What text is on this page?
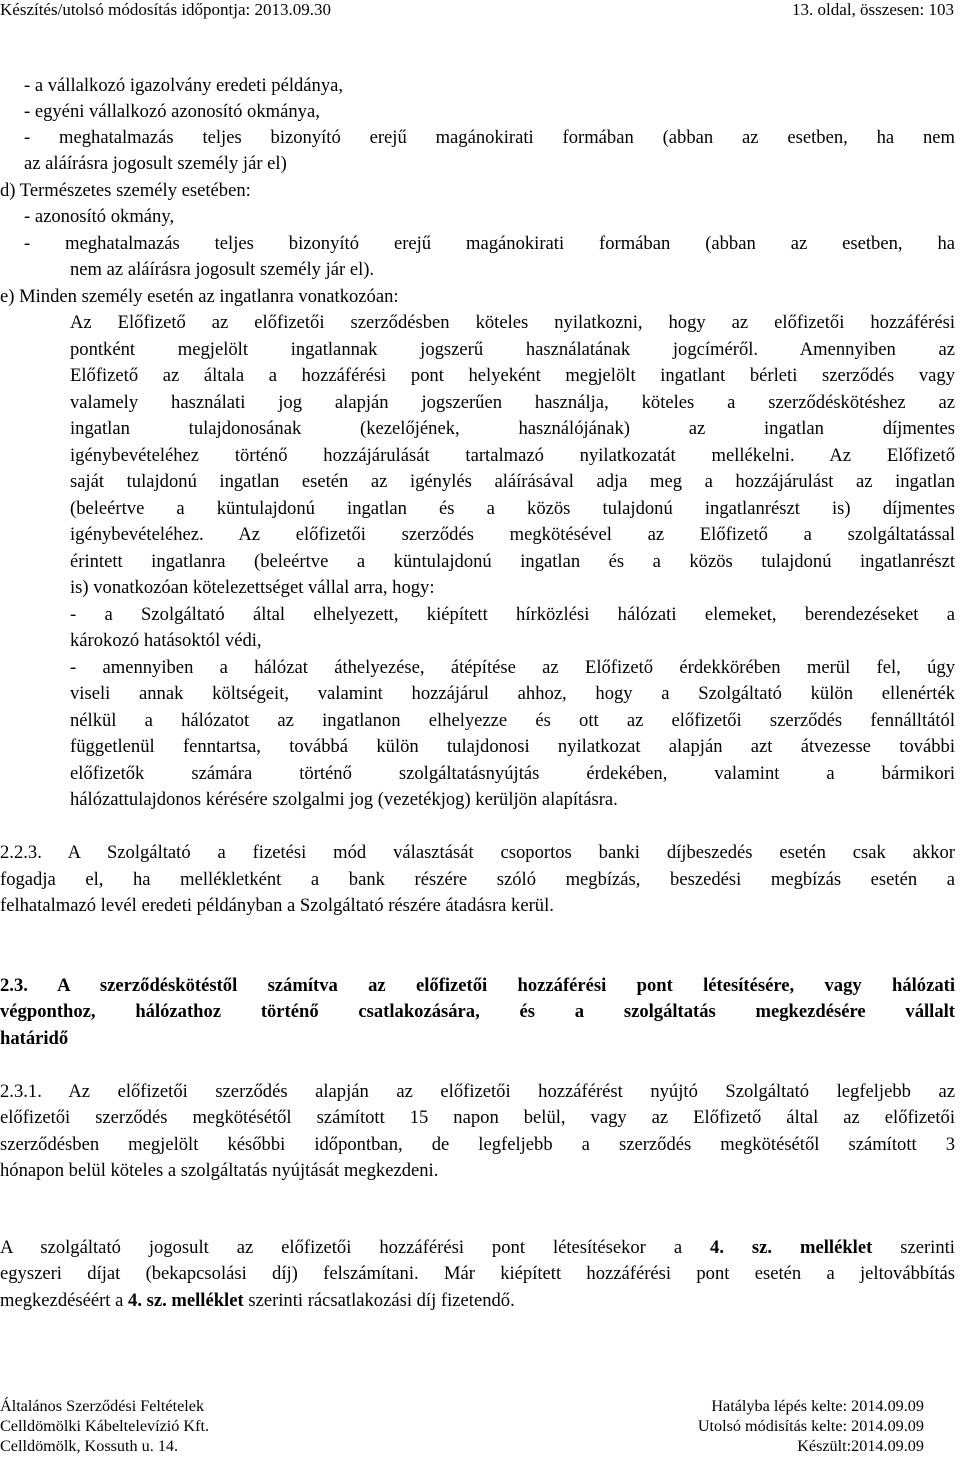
Készítés/utolsó módosítás időpontja: 2013.09.30	13. oldal, összesen: 103
- a vállalkozó igazolvány eredeti példánya,
- egyéni vállalkozó azonosító okmánya,
- meghatalmazás teljes bizonyító erejű magánokirati formában (abban az esetben, ha nem
az aláírásra jogosult személy jár el)
d) Természetes személy esetében:
- azonosító okmány,
- meghatalmazás teljes bizonyító erejű magánokirati formában (abban az esetben, ha
nem az aláírásra jogosult személy jár el).
e) Minden személy esetén az ingatlanra vonatkozóan:
Az Előfizető az előfizetői szerződésben köteles nyilatkozni, hogy az előfizetői hozzáférési
pontként megjelölt ingatlannak jogszerű használatának jogcíméről. Amennyiben az
Előfizető az általa a hozzáférési pont helyeként megjelölt ingatlant bérleti szerződés vagy
valamely használati jog alapján jogszerűen használja, köteles a szerződéskötéshez az
ingatlan tulajdonosának (kezelőjének, használójának) az ingatlan díjmentes
igénybevételéhez történő hozzájárulását tartalmazó nyilatkozatát mellékelni. Az Előfizető
saját tulajdonú ingatlan esetén az igénylés aláírásával adja meg a hozzájárulást az ingatlan
(beleértve a küntulajdonú ingatlan és a közös tulajdonú ingatlanrészt is) díjmentes
igénybevételéhez. Az előfizetői szerződés megkötésével az Előfizető a szolgáltatással
érintett ingatlanra (beleértve a küntulajdonú ingatlan és a közös tulajdonú ingatlanrészt
is) vonatkozóan kötelezettséget vállal arra, hogy:
- a Szolgáltató által elhelyezett, kiépített hírközlési hálózati elemeket, berendezéseket a
károkozó hatásoktól védi,
- amennyiben a hálózat áthelyezése, átépítése az Előfizető érdekkörében merül fel, úgy
viseli annak költségeit, valamint hozzájárul ahhoz, hogy a Szolgáltató külön ellenérték
nélkül a hálózatot az ingatlanon elhelyezze és ott az előfizetői szerződés fennálltától
függetlenül fenntartsa, továbbá külön tulajdonosi nyilatkozat alapján azt átvezesse további
előfizetők számára történő szolgáltatásnyújtás érdekében, valamint a bármikori
hálózattulajdonos kérésére szolgalmi jog (vezetékjog) kerüljön alapításra.
2.2.3. A Szolgáltató a fizetési mód választását csoportos banki díjbeszedés esetén csak akkor
fogadja el, ha mellékletként a bank részére szóló megbízás, beszedési megbízás esetén a
felhatalmazó levél eredeti példányban a Szolgáltató részére átadásra kerül.
2.3. A szerződéskötéstől számítva az előfizetői hozzáférési pont létesítésére, vagy hálózati
végponthoz, hálózathoz történő csatlakozására, és a szolgáltatás megkezdésére vállalt
határidő
2.3.1. Az előfizetői szerződés alapján az előfizetői hozzáférést nyújtó Szolgáltató legfeljebb az
előfizetői szerződés megkötésétől számított 15 napon belül, vagy az Előfizető által az előfizetői
szerződésben megjelölt későbbi időpontban, de legfeljebb a szerződés megkötésétől számított 3
hónapon belül köteles a szolgáltatás nyújtását megkezdeni.
A szolgáltató jogosult az előfizetői hozzáférési pont létesítésekor a 4. sz. melléklet szerinti
egyszeri díjat (bekapcsolási díj) felszámítani. Már kiépített hozzáférési pont esetén a jeltovábbítás
megkezdéséért a 4. sz. melléklet szerinti rácsatlakozási díj fizetendő.
Általános Szerződési Feltételek
Celldömölki Kábeltelevízió Kft.
Celldömölk, Kossuth u. 14.
Hatályba lépés kelte: 2014.09.09
Utolsó módisítás kelte: 2014.09.09
Készült:2014.09.09
